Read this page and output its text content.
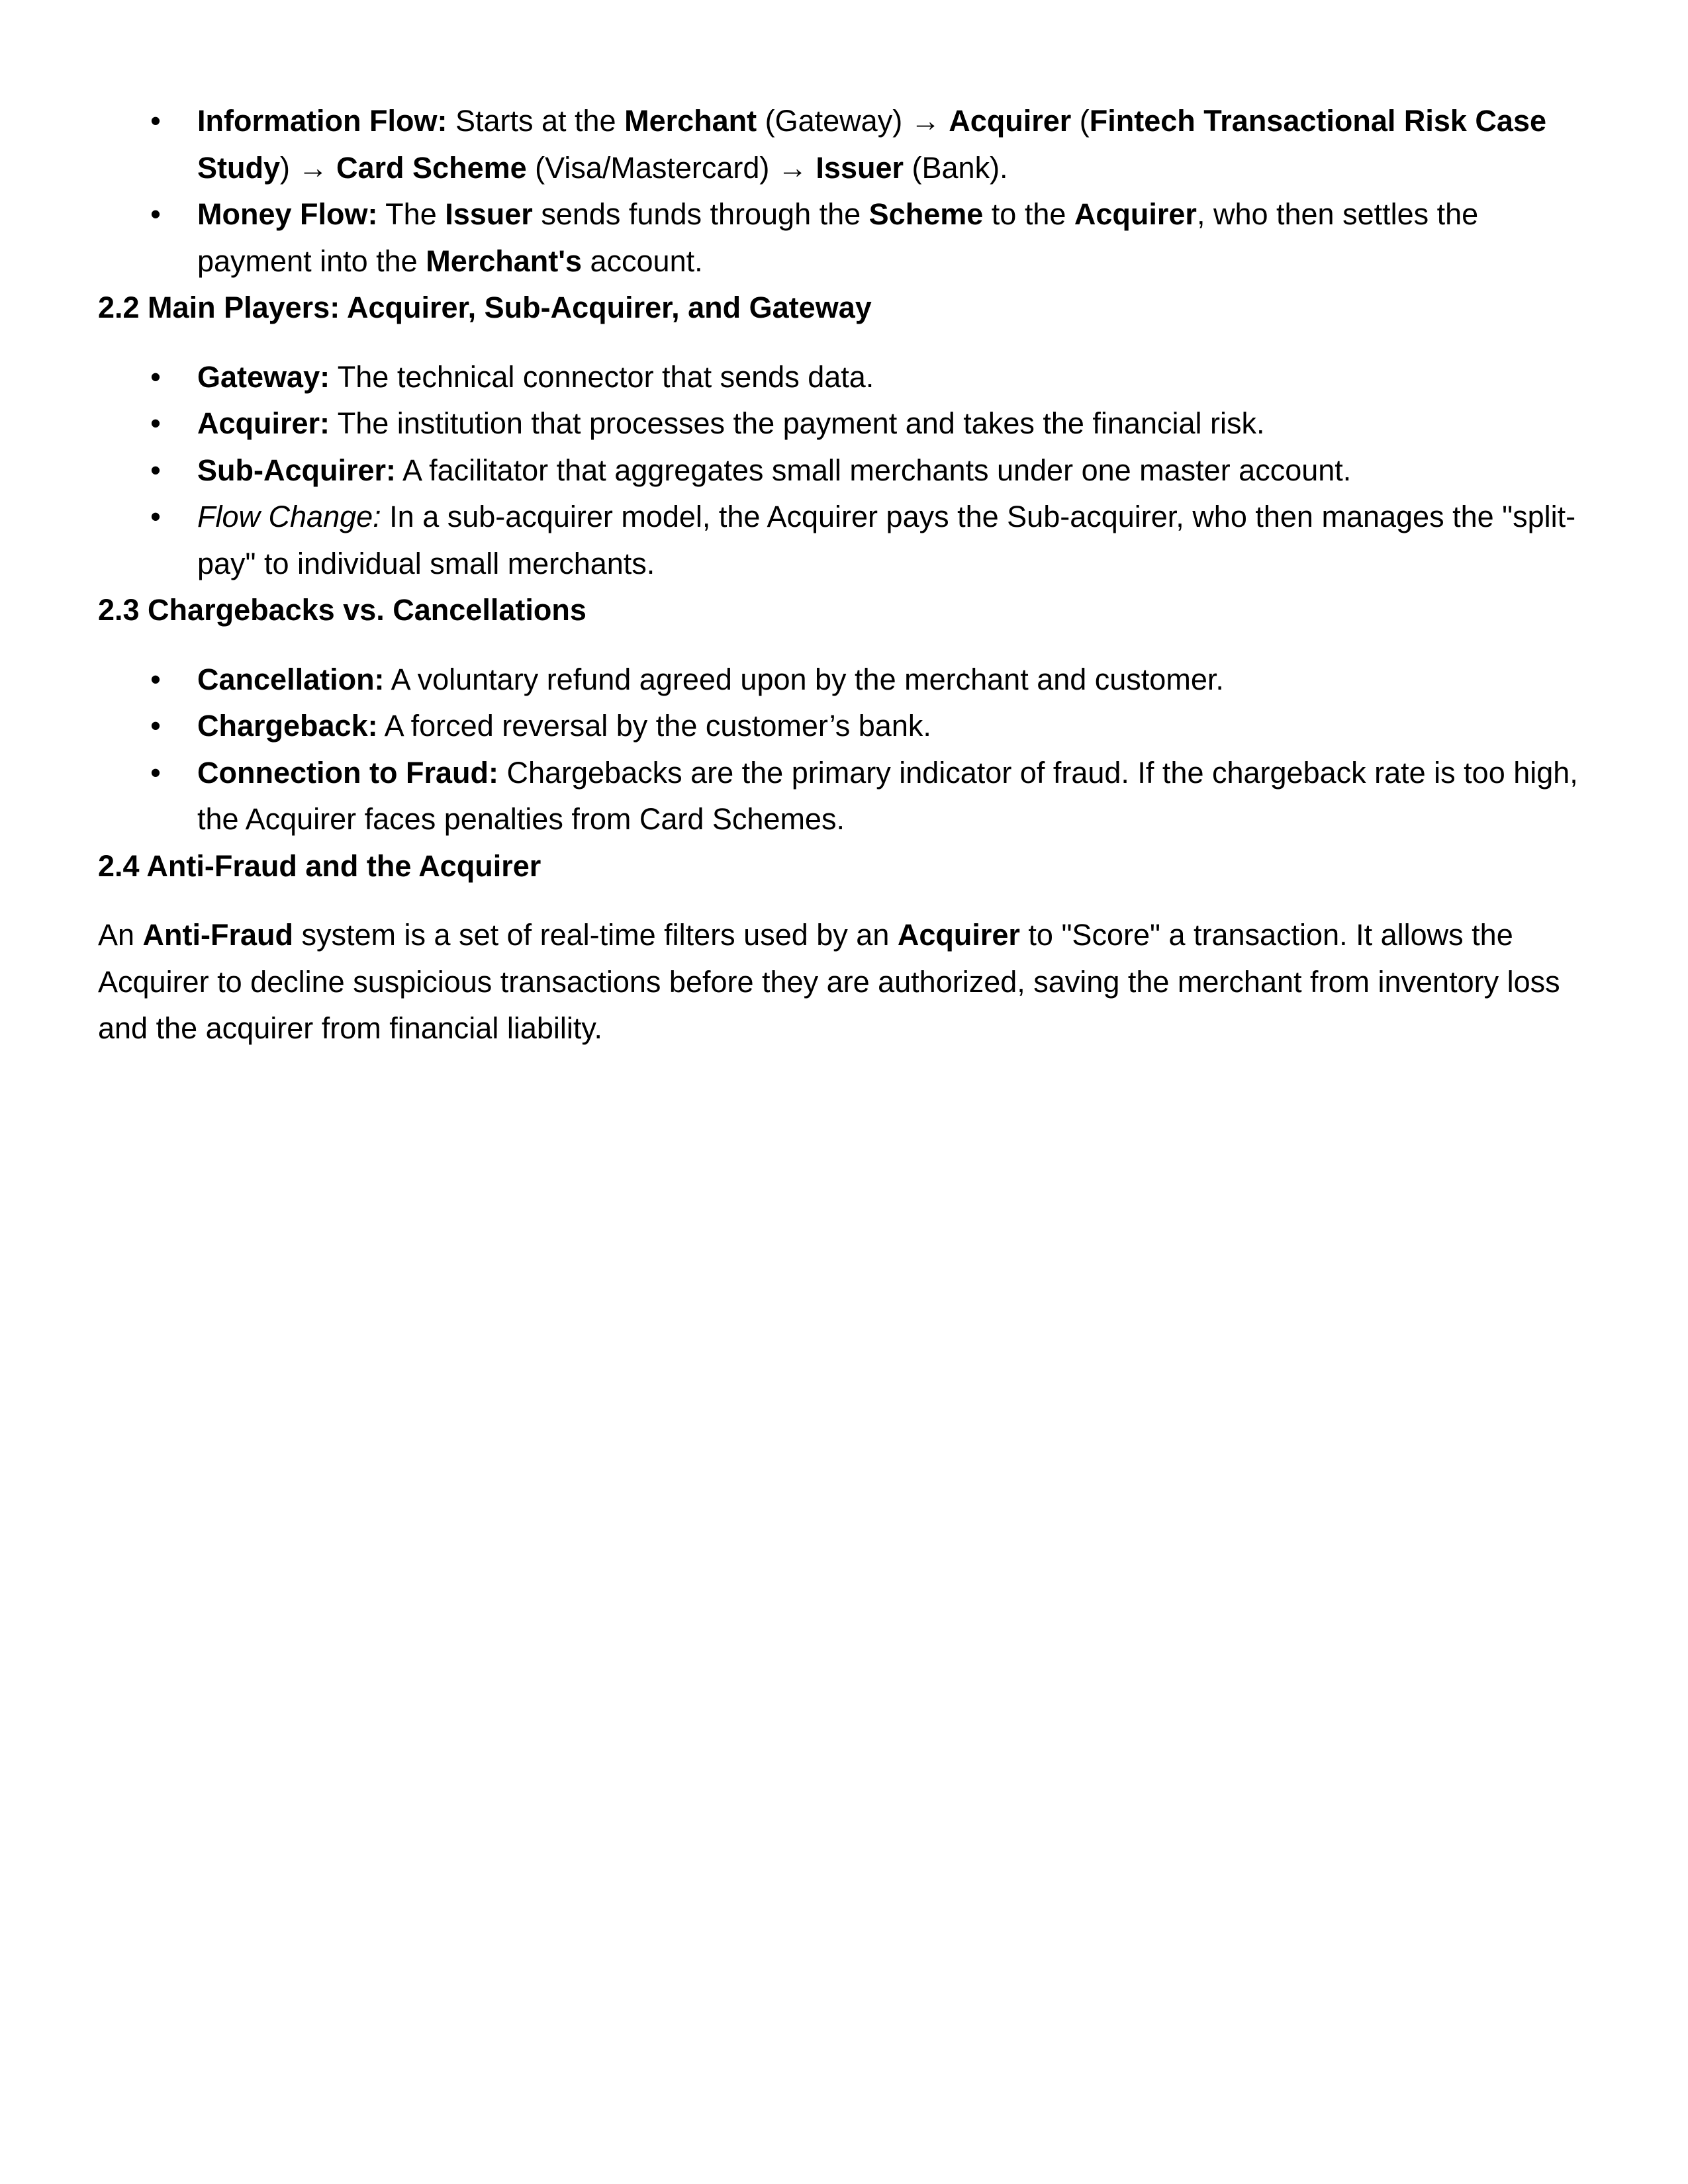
• Information Flow: Starts at the Merchant (Gateway) → Acquirer (Fintech Transactional Risk Case Study) → Card Scheme (Visa/Mastercard) → Issuer (Bank).
• Money Flow: The Issuer sends funds through the Scheme to the Acquirer, who then settles the payment into the Merchant's account.
2.2 Main Players: Acquirer, Sub-Acquirer, and Gateway
• Gateway: The technical connector that sends data.
• Acquirer: The institution that processes the payment and takes the financial risk.
• Sub-Acquirer: A facilitator that aggregates small merchants under one master account.
• Flow Change: In a sub-acquirer model, the Acquirer pays the Sub-acquirer, who then manages the "split-pay" to individual small merchants.
2.3 Chargebacks vs. Cancellations
• Cancellation: A voluntary refund agreed upon by the merchant and customer.
• Chargeback: A forced reversal by the customer’s bank.
• Connection to Fraud: Chargebacks are the primary indicator of fraud. If the chargeback rate is too high, the Acquirer faces penalties from Card Schemes.
2.4 Anti-Fraud and the Acquirer

An Anti-Fraud system is a set of real-time filters used by an Acquirer to "Score" a transaction. It allows the Acquirer to decline suspicious transactions before they are authorized, saving the merchant from inventory loss and the acquirer from financial liability.
